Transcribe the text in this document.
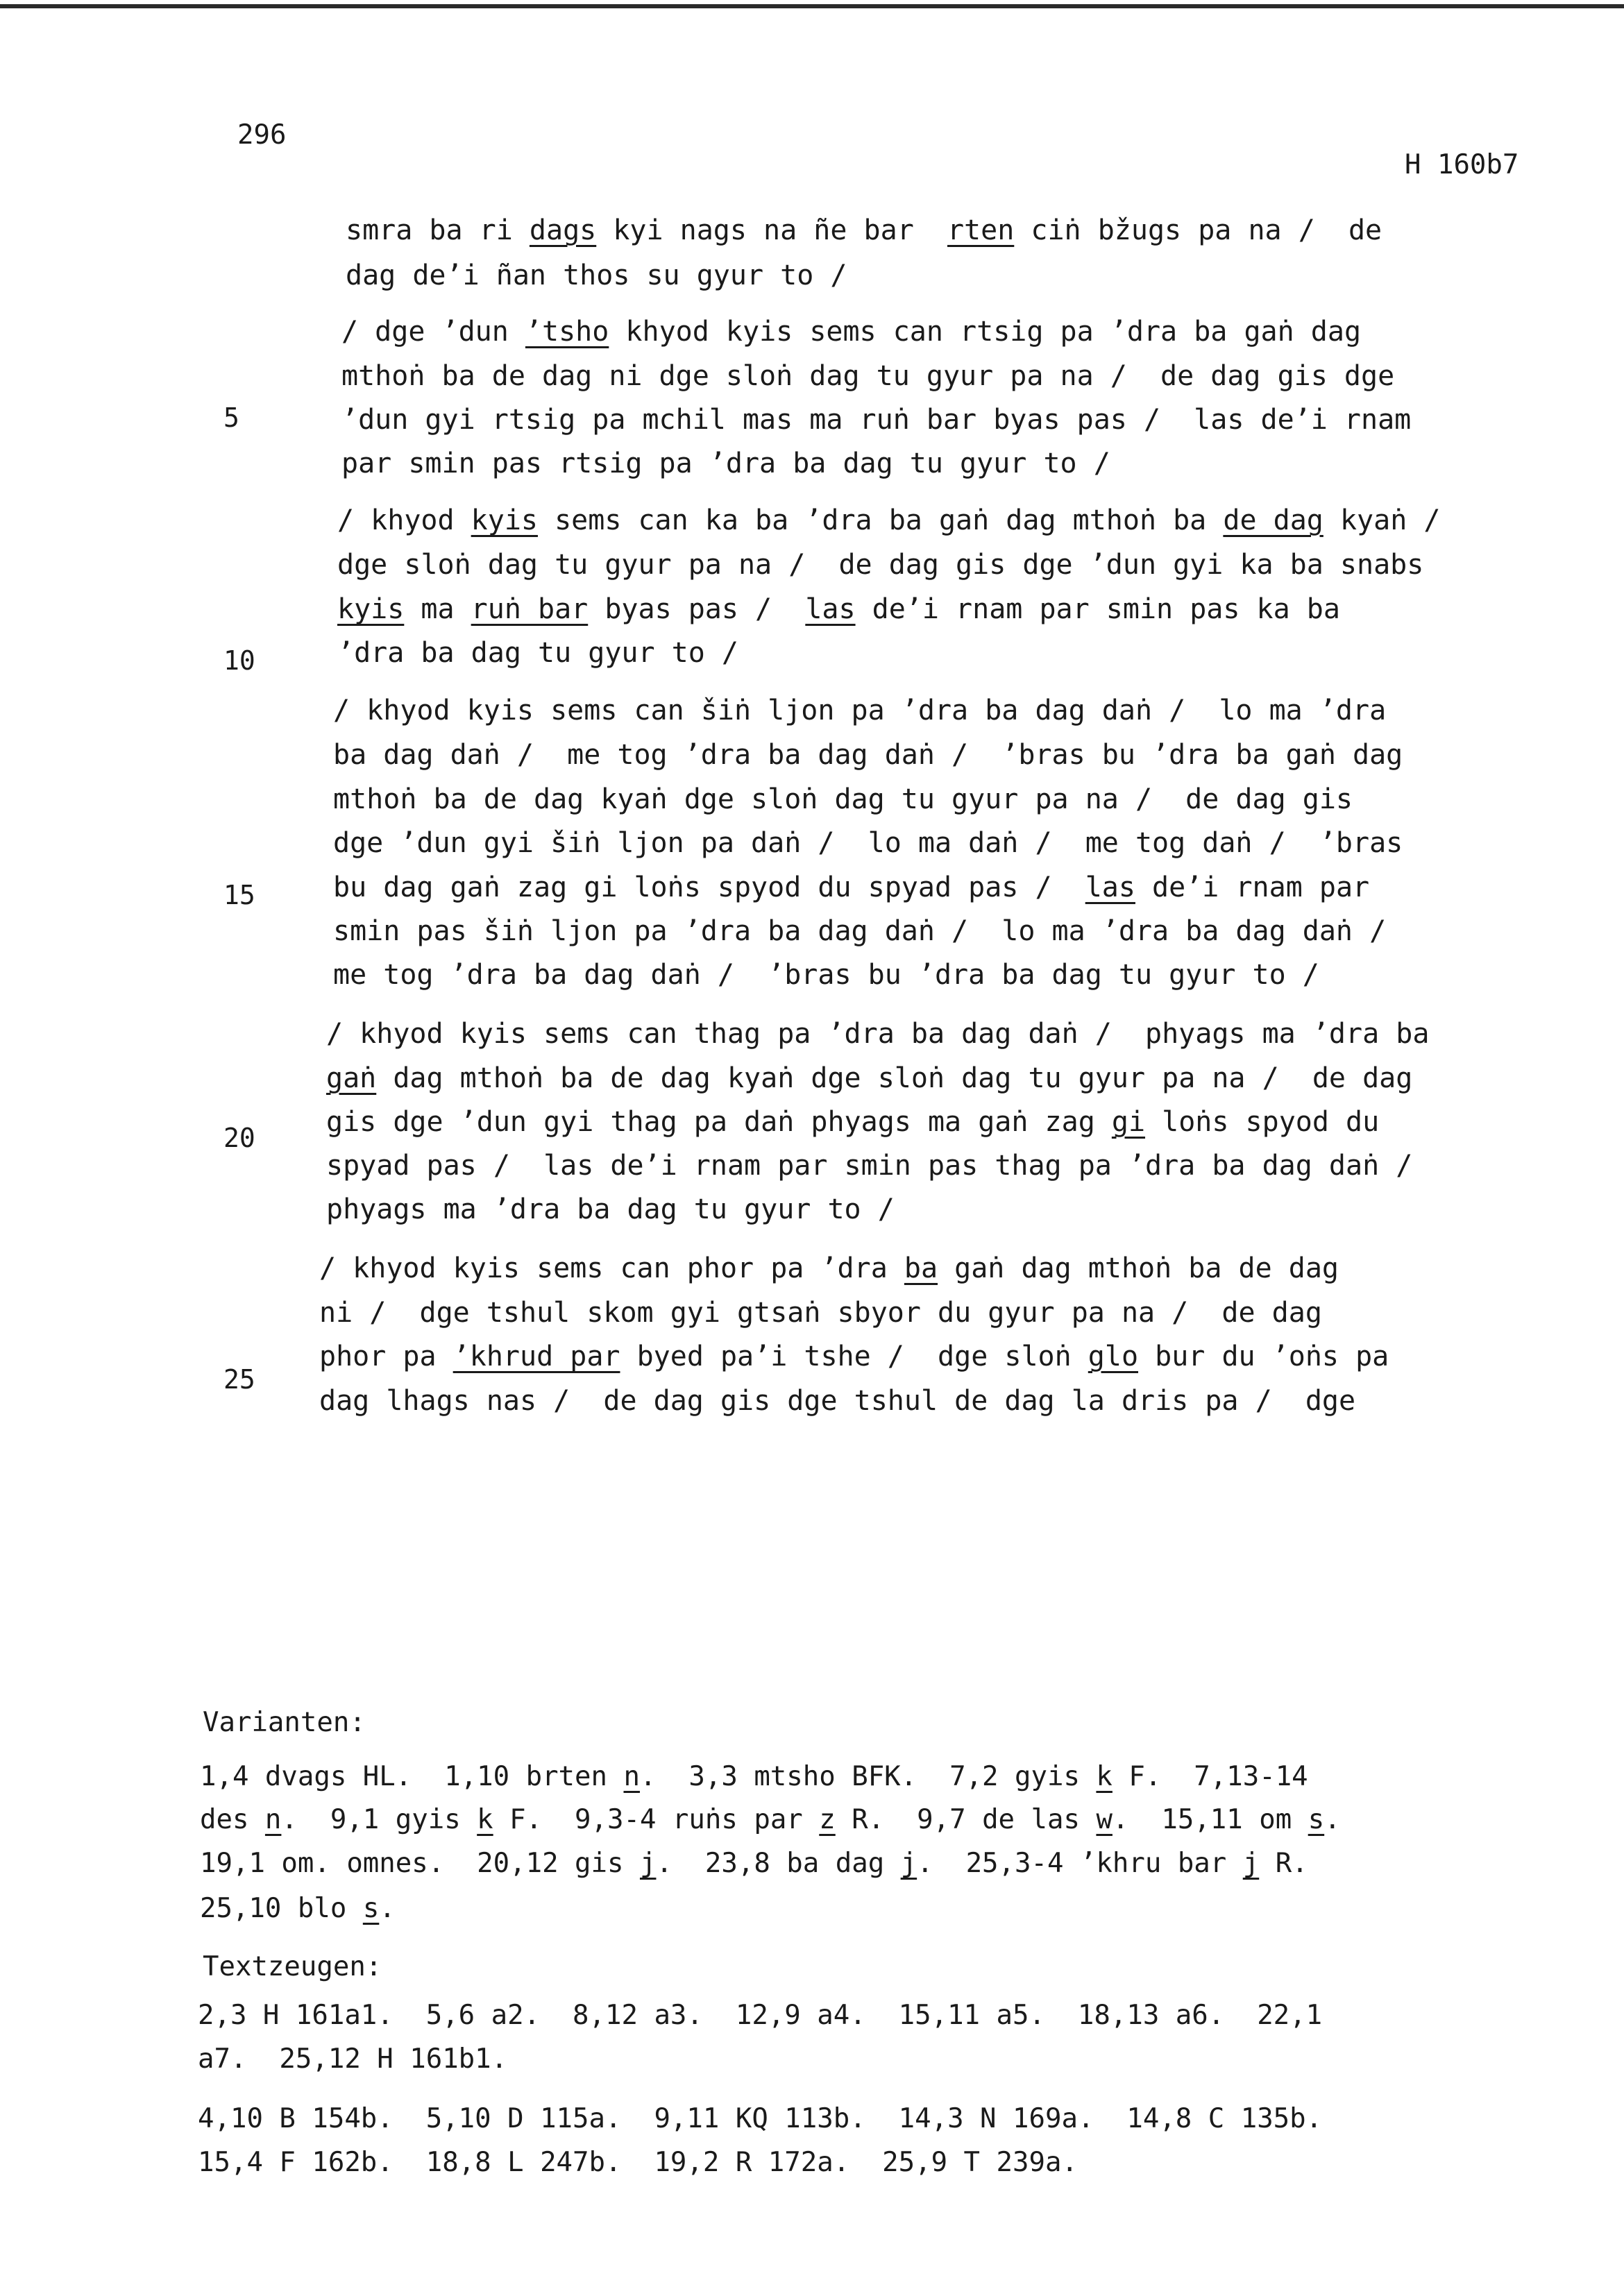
296
H 160b7
5
10
15
20
25
smra ba ri dags kyi nags na ñe bar  rten ciṅ bžugs pa na /  de
dag de’i ñan thos su gyur to /
/ dge ’dun ’tsho khyod kyis sems can rtsig pa ’dra ba gaṅ dag
mthoṅ ba de dag ni dge sloṅ dag tu gyur pa na /  de dag gis dge
’dun gyi rtsig pa mchil mas ma ruṅ bar byas pas /  las de’i rnam
par smin pas rtsig pa ’dra ba dag tu gyur to /
/ khyod kyis sems can ka ba ’dra ba gaṅ dag mthoṅ ba de dag kyaṅ /
dge sloṅ dag tu gyur pa na /  de dag gis dge ’dun gyi ka ba snabs
kyis ma ruṅ bar byas pas /  las de’i rnam par smin pas ka ba
’dra ba dag tu gyur to /
/ khyod kyis sems can šiṅ ljon pa ’dra ba dag daṅ /  lo ma ’dra
ba dag daṅ /  me tog ’dra ba dag daṅ /  ’bras bu ’dra ba gaṅ dag
mthoṅ ba de dag kyaṅ dge sloṅ dag tu gyur pa na /  de dag gis
dge ’dun gyi šiṅ ljon pa daṅ /  lo ma daṅ /  me tog daṅ /  ’bras
bu dag gaṅ zag gi loṅs spyod du spyad pas /  las de’i rnam par
smin pas šiṅ ljon pa ’dra ba dag daṅ /  lo ma ’dra ba dag daṅ /
me tog ’dra ba dag daṅ /  ’bras bu ’dra ba dag tu gyur to /
/ khyod kyis sems can thag pa ’dra ba dag daṅ /  phyags ma ’dra ba
gaṅ dag mthoṅ ba de dag kyaṅ dge sloṅ dag tu gyur pa na /  de dag
gis dge ’dun gyi thag pa daṅ phyags ma gaṅ zag gi loṅs spyod du
spyad pas /  las de’i rnam par smin pas thag pa ’dra ba dag daṅ /
phyags ma ’dra ba dag tu gyur to /
/ khyod kyis sems can phor pa ’dra ba gaṅ dag mthoṅ ba de dag
ni /  dge tshul skom gyi gtsaṅ sbyor du gyur pa na /  de dag
phor pa ’khrud par byed pa’i tshe /  dge sloṅ glo bur du ’oṅs pa
dag lhags nas /  de dag gis dge tshul de dag la dris pa /  dge
Varianten:
1,4 dvags HL.  1,10 brten n.  3,3 mtsho BFK.  7,2 gyis k F.  7,13-14
des n.  9,1 gyis k F.  9,3-4 ruṅs par z R.  9,7 de las w.  15,11 om s.
19,1 om. omnes.  20,12 gis j.  23,8 ba dag j.  25,3-4 ’khru bar j R.
25,10 blo s.
Textzeugen:
2,3 H 161a1.  5,6 a2.  8,12 a3.  12,9 a4.  15,11 a5.  18,13 a6.  22,1
a7.  25,12 H 161b1.
4,10 B 154b.  5,10 D 115a.  9,11 KQ 113b.  14,3 N 169a.  14,8 C 135b.
15,4 F 162b.  18,8 L 247b.  19,2 R 172a.  25,9 T 239a.
